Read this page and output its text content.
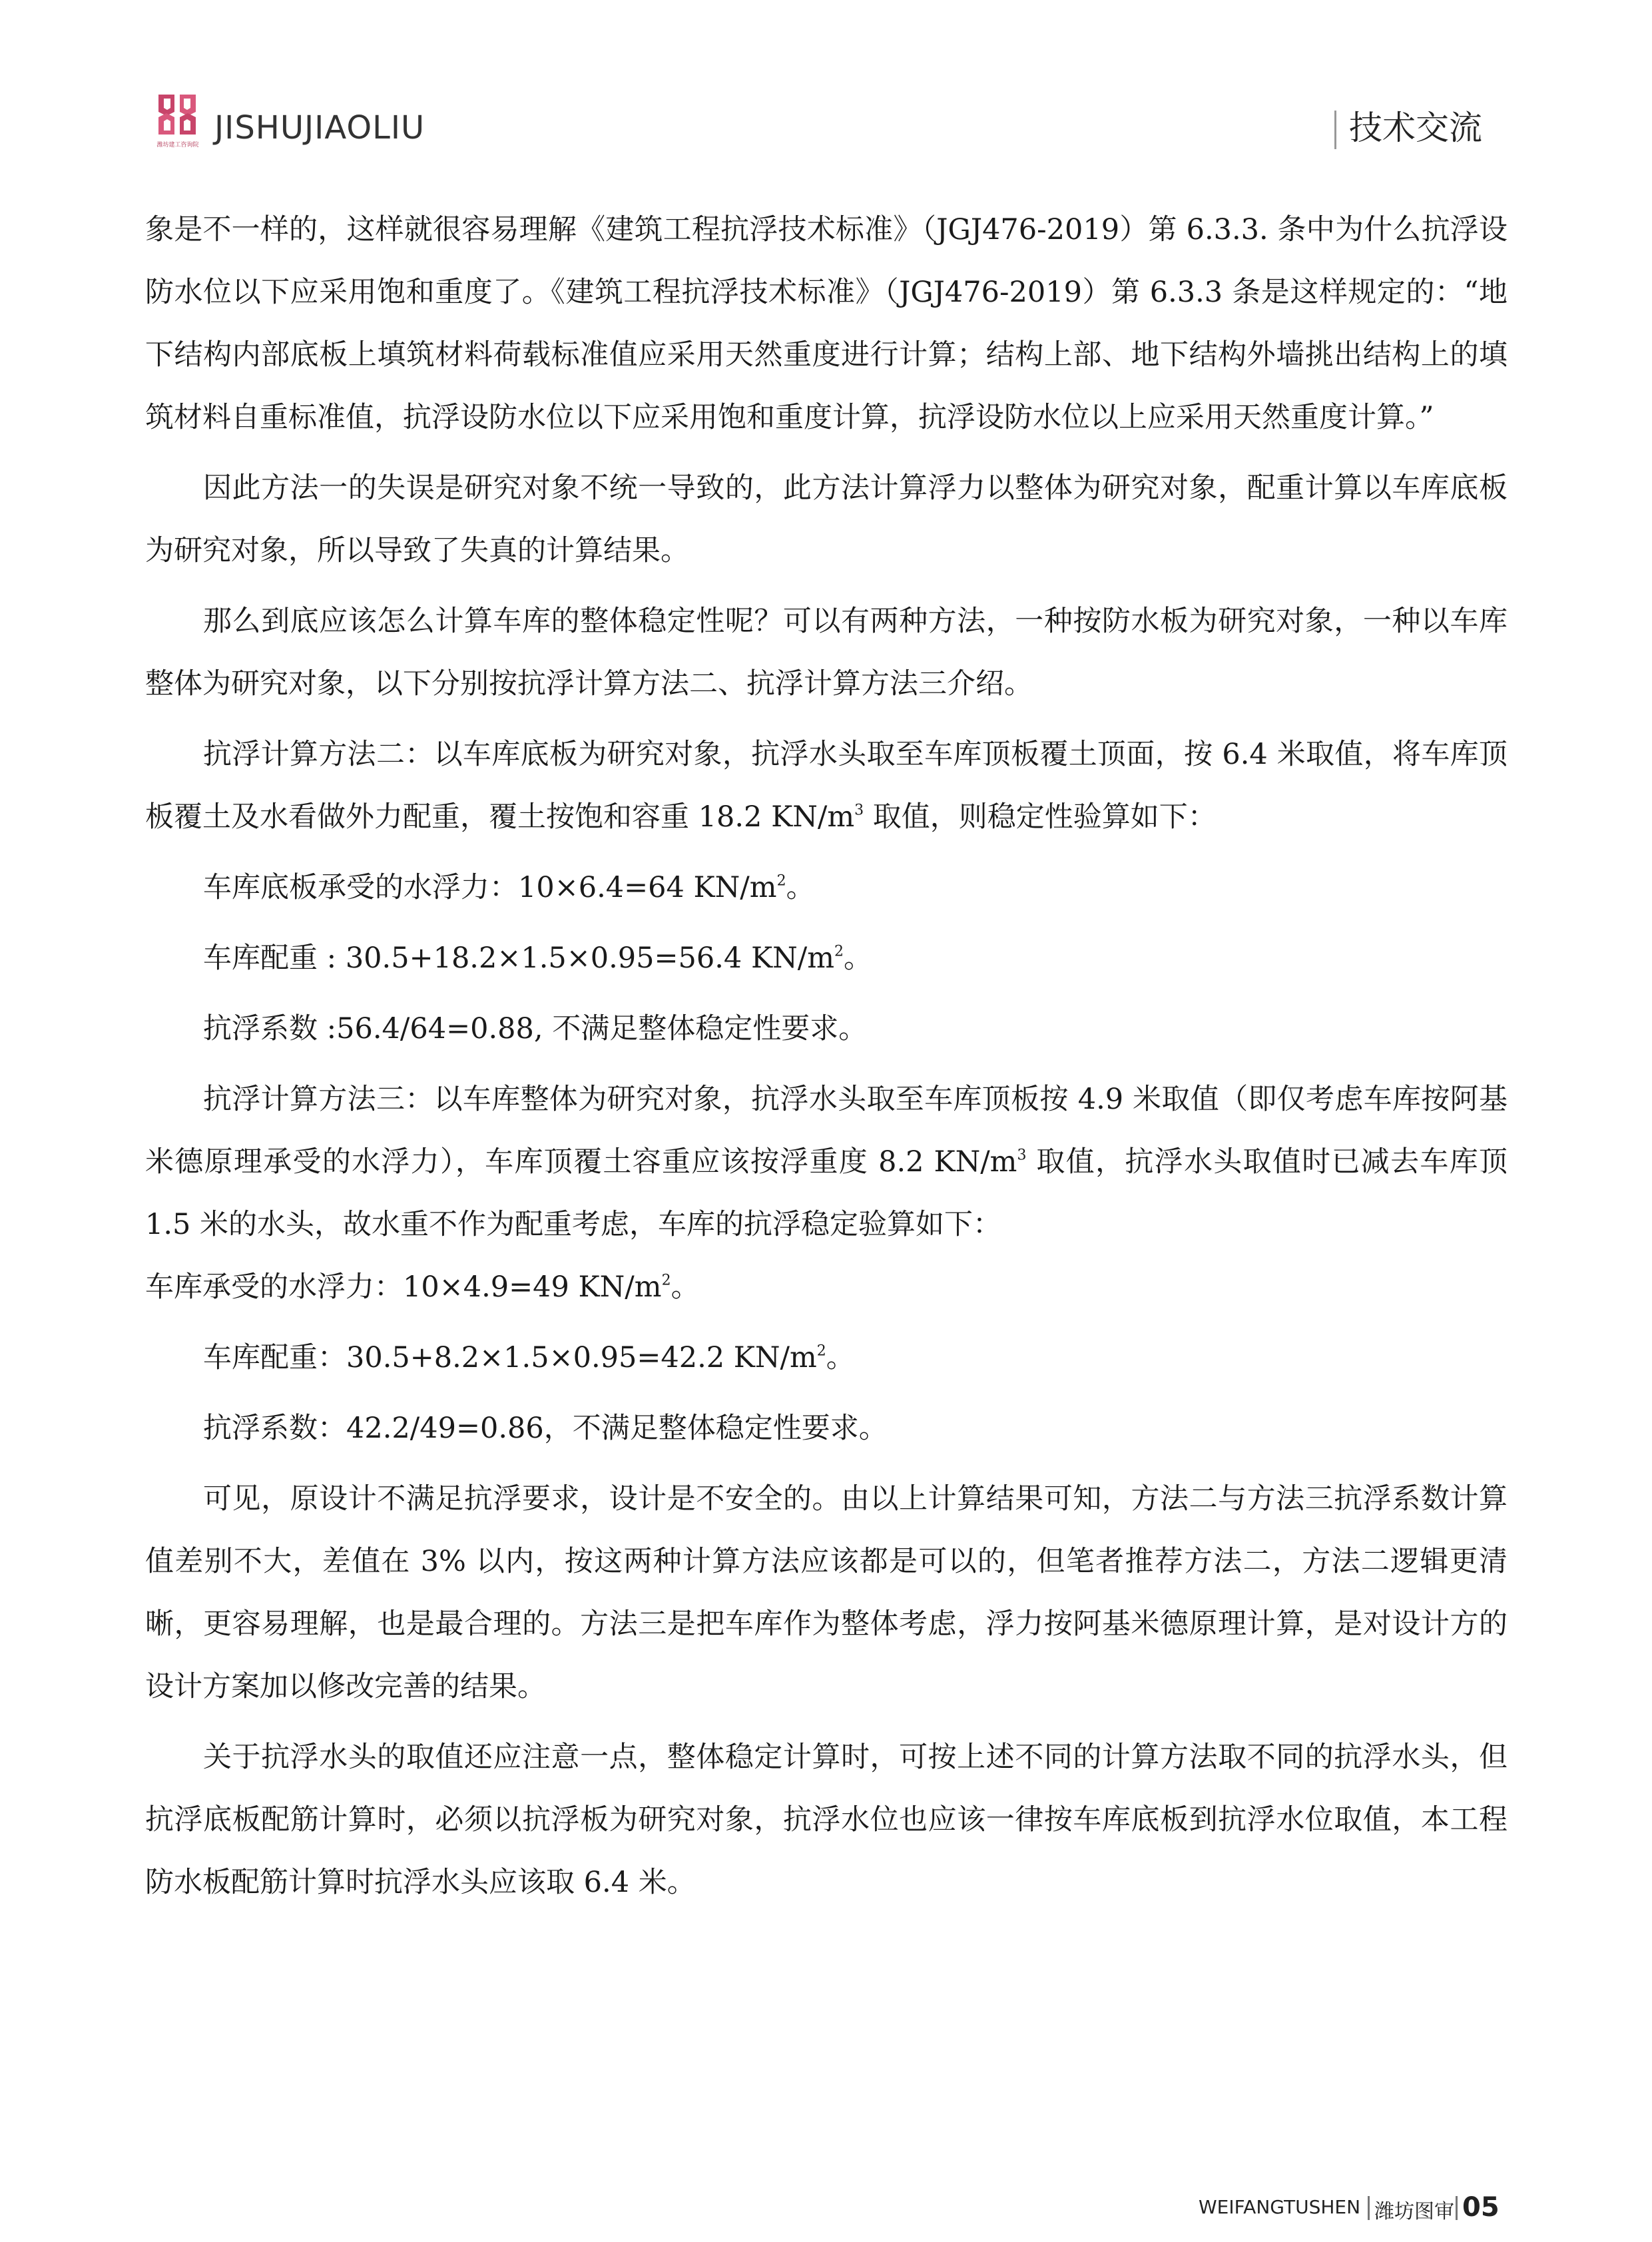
潍坊建工咨询院 JISHUJIAOLIU	技术交流

象是不一样的，这样就很容易理解《建筑工程抗浮技术标准》（JGJ476-2019）第 6.3.3. 条中为什么抗浮设防水位以下应采用饱和重度了。《建筑工程抗浮技术标准》（JGJ476-2019）第 6.3.3 条是这样规定的：“地下结构内部底板上填筑材料荷载标准值应采用天然重度进行计算；结构上部、地下结构外墙挑出结构上的填筑材料自重标准值，抗浮设防水位以下应采用饱和重度计算，抗浮设防水位以上应采用天然重度计算。”

因此方法一的失误是研究对象不统一导致的，此方法计算浮力以整体为研究对象，配重计算以车库底板为研究对象，所以导致了失真的计算结果。

那么到底应该怎么计算车库的整体稳定性呢？可以有两种方法，一种按防水板为研究对象，一种以车库整体为研究对象，以下分别按抗浮计算方法二、抗浮计算方法三介绍。

抗浮计算方法二：以车库底板为研究对象，抗浮水头取至车库顶板覆土顶面，按 6.4 米取值，将车库顶板覆土及水看做外力配重，覆土按饱和容重 18.2 $KN/m^3$ 取值，则稳定性验算如下：

车库底板承受的水浮力：10×6.4=64 $KN/m^2$。

车库配重 : 30.5+18.2×1.5×0.95=56.4 $KN/m^2$。

抗浮系数 :56.4/64=0.88, 不满足整体稳定性要求。

抗浮计算方法三：以车库整体为研究对象，抗浮水头取至车库顶板按 4.9 米取值（即仅考虑车库按阿基米德原理承受的水浮力），车库顶覆土容重应该按浮重度 8.2 $KN/m^3$ 取值，抗浮水头取值时已减去车库顶 1.5 米的水头，故水重不作为配重考虑，车库的抗浮稳定验算如下：

车库承受的水浮力：10×4.9=49 $KN/m^2$。

车库配重：30.5+8.2×1.5×0.95=42.2 $KN/m^2$。

抗浮系数：42.2/49=0.86，不满足整体稳定性要求。

可见，原设计不满足抗浮要求，设计是不安全的。由以上计算结果可知，方法二与方法三抗浮系数计算值差别不大，差值在 3% 以内，按这两种计算方法应该都是可以的，但笔者推荐方法二，方法二逻辑更清晰，更容易理解，也是最合理的。方法三是把车库作为整体考虑，浮力按阿基米德原理计算，是对设计方的设计方案加以修改完善的结果。

关于抗浮水头的取值还应注意一点，整体稳定计算时，可按上述不同的计算方法取不同的抗浮水头，但抗浮底板配筋计算时，必须以抗浮板为研究对象，抗浮水位也应该一律按车库底板到抗浮水位取值，本工程防水板配筋计算时抗浮水头应该取 6.4 米。

WEIFANGTUSHEN 潍坊图审 05
